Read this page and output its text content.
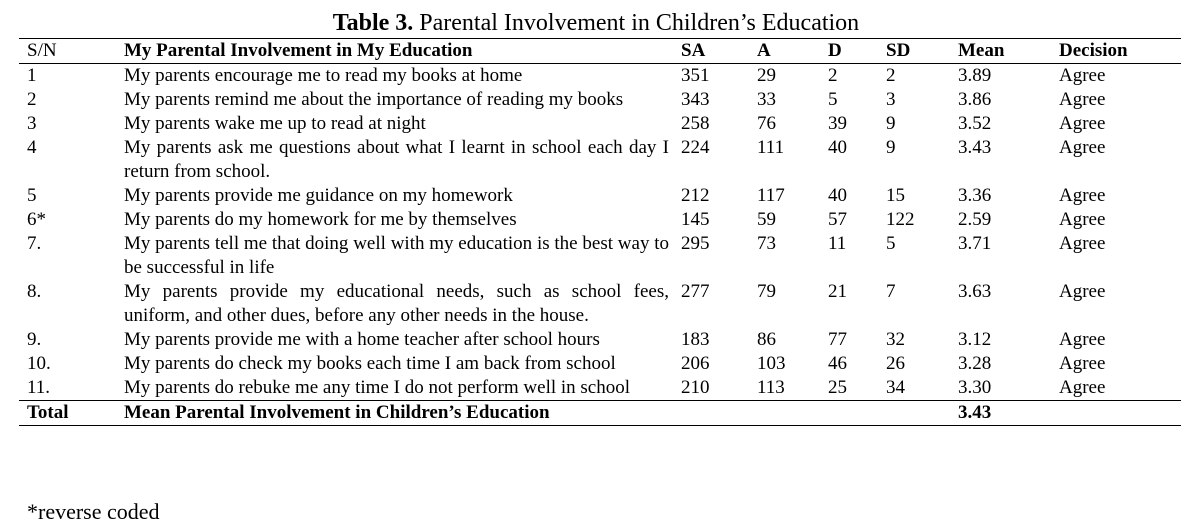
Table 3. Parental Involvement in Children’s Education
S/N	My Parental Involvement in My Education	SA	A	D	SD	Mean	Decision
1	My parents encourage me to read my books at home	351	29	2	2	3.89	Agree
2	My parents remind me about the importance of reading my books	343	33	5	3	3.86	Agree
3	My parents wake me up to read at night	258	76	39	9	3.52	Agree
4	My parents ask me questions about what I learnt in school each day I return from school.	224	111	40	9	3.43	Agree
5	My parents provide me guidance on my homework	212	117	40	15	3.36	Agree
6*	My parents do my homework for me by themselves	145	59	57	122	2.59	Agree
7.	My parents tell me that doing well with my education is the best way to be successful in life	295	73	11	5	3.71	Agree
8.	My parents provide my educational needs, such as school fees, uniform, and other dues, before any other needs in the house.	277	79	21	7	3.63	Agree
9.	My parents provide me with a home teacher after school hours	183	86	77	32	3.12	Agree
10.	My parents do check my books each time I am back from school	206	103	46	26	3.28	Agree
11.	My parents do rebuke me any time I do not perform well in school	210	113	25	34	3.30	Agree
Total	Mean Parental Involvement in Children’s Education					3.43	
*reverse coded
